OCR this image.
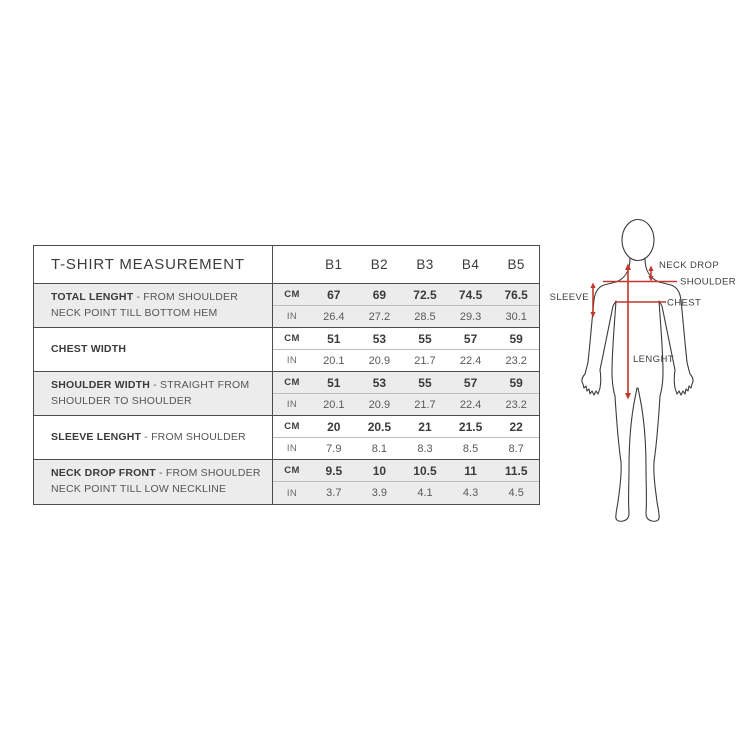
T-SHIRT MEASUREMENT	B1	B2	B3	B4	B5
TOTAL LENGHT - FROM SHOULDER NECK POINT TILL BOTTOM HEM
CM	67	69	72.5	74.5	76.5
IN	26.4	27.2	28.5	29.3	30.1
CHEST WIDTH
CM	51	53	55	57	59
IN	20.1	20.9	21.7	22.4	23.2
SHOULDER WIDTH - STRAIGHT FROM SHOULDER TO SHOULDER
CM	51	53	55	57	59
IN	20.1	20.9	21.7	22.4	23.2
SLEEVE LENGHT - FROM SHOULDER
CM	20	20.5	21	21.5	22
IN	7.9	8.1	8.3	8.5	8.7
NECK DROP FRONT - FROM SHOULDER NECK POINT TILL LOW NECKLINE
CM	9.5	10	10.5	11	11.5
IN	3.7	3.9	4.1	4.3	4.5
SLEEVE
NECK DROP
SHOULDER
CHEST
LENGHT
